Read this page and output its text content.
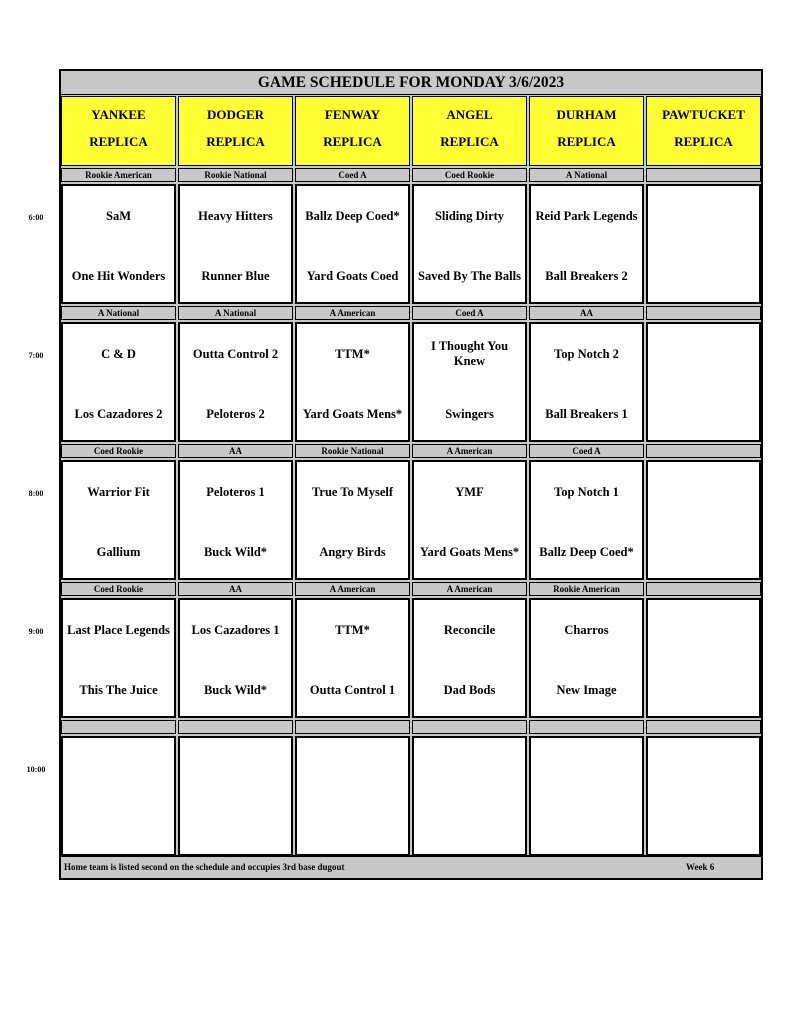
6:00
7:00
8:00
9:00
10:00
GAME SCHEDULE FOR MONDAY 3/6/2023
YANKEE
REPLICA
DODGER
REPLICA
FENWAY
REPLICA
ANGEL
REPLICA
DURHAM
REPLICA
PAWTUCKET
REPLICA
Rookie American
SaM
One Hit Wonders
Rookie National
Heavy Hitters
Runner Blue
Coed A
Ballz Deep Coed*
Yard Goats Coed
Coed Rookie
Sliding Dirty
Saved By The Balls
A National
Reid Park Legends
Ball Breakers 2
A National
C & D
Los Cazadores 2
A National
Outta Control 2
Peloteros 2
A American
TTM*
Yard Goats Mens*
Coed A
I Thought You Knew
Swingers
AA
Top Notch 2
Ball Breakers 1
Coed Rookie
Warrior Fit
Gallium
AA
Peloteros 1
Buck Wild*
Rookie National
True To Myself
Angry Birds
A American
YMF
Yard Goats Mens*
Coed A
Top Notch 1
Ballz Deep Coed*
Coed Rookie
Last Place Legends
This The Juice
AA
Los Cazadores 1
Buck Wild*
A American
TTM*
Outta Control 1
A American
Reconcile
Dad Bods
Rookie American
Charros
New Image
Home team is listed second on the schedule and occupies 3rd base dugout	Week 6
